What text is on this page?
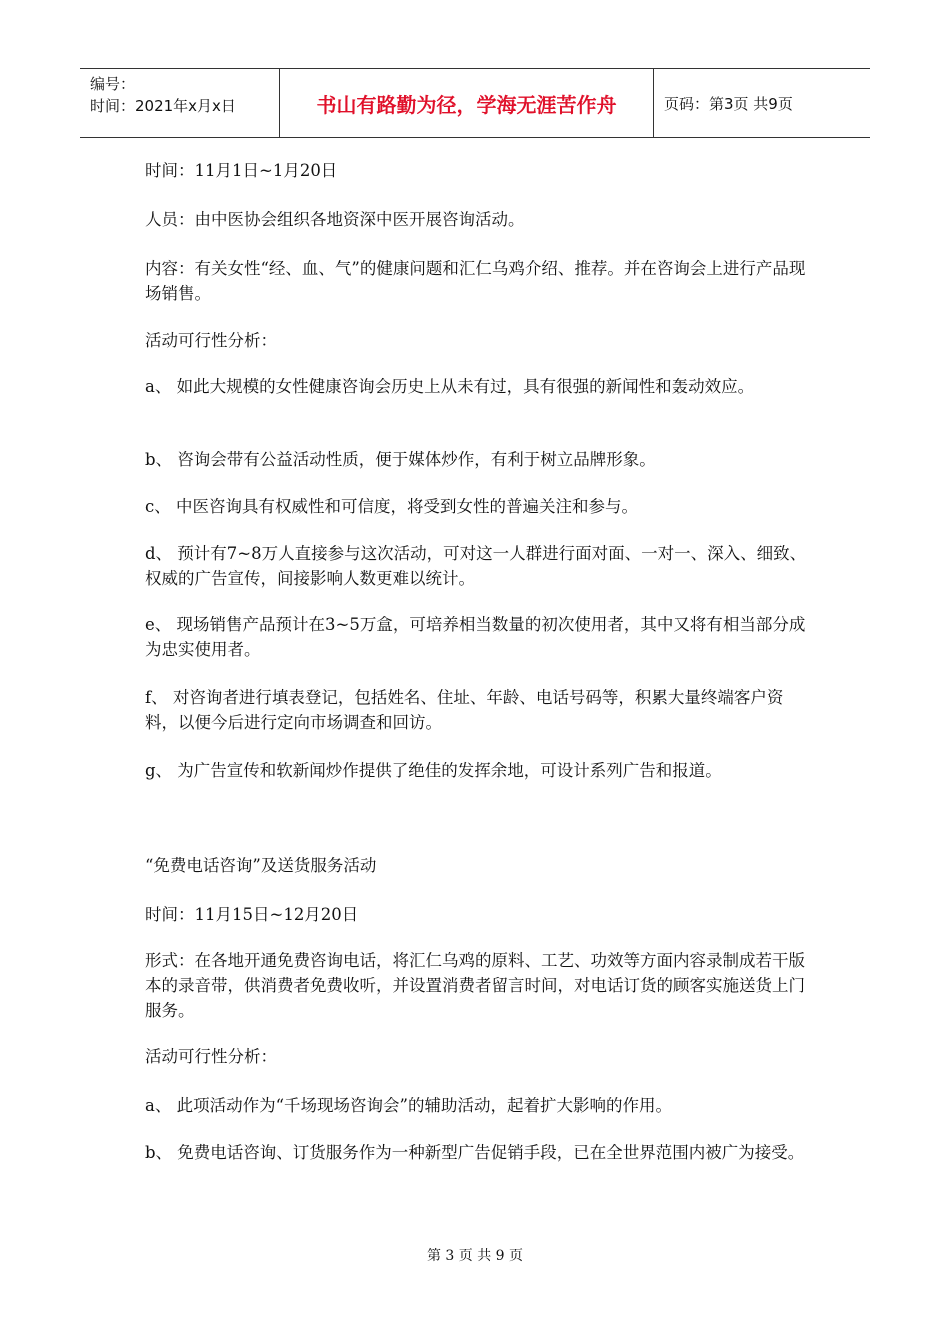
编号：
时间：2021年x月x日	书山有路勤为径，学海无涯苦作舟	页码：第3页 共9页

时间：11月1日~1月20日

人员：由中医协会组织各地资深中医开展咨询活动。

内容：有关女性“经、血、气”的健康问题和汇仁乌鸡介绍、推荐。并在咨询会上进行产品现场销售。

活动可行性分析：

a、 如此大规模的女性健康咨询会历史上从未有过，具有很强的新闻性和轰动效应。

b、 咨询会带有公益活动性质，便于媒体炒作，有利于树立品牌形象。

c、 中医咨询具有权威性和可信度，将受到女性的普遍关注和参与。

d、 预计有7~8万人直接参与这次活动，可对这一人群进行面对面、一对一、深入、细致、权威的广告宣传，间接影响人数更难以统计。

e、 现场销售产品预计在3~5万盒，可培养相当数量的初次使用者，其中又将有相当部分成为忠实使用者。

f、 对咨询者进行填表登记，包括姓名、住址、年龄、电话号码等，积累大量终端客户资料，以便今后进行定向市场调查和回访。

g、 为广告宣传和软新闻炒作提供了绝佳的发挥余地，可设计系列广告和报道。

“免费电话咨询”及送货服务活动

时间：11月15日~12月20日

形式：在各地开通免费咨询电话，将汇仁乌鸡的原料、工艺、功效等方面内容录制成若干版本的录音带，供消费者免费收听，并设置消费者留言时间，对电话订货的顾客实施送货上门服务。

活动可行性分析：

a、 此项活动作为“千场现场咨询会”的辅助活动，起着扩大影响的作用。

b、 免费电话咨询、订货服务作为一种新型广告促销手段，已在全世界范围内被广为接受。

第 3 页 共 9 页
